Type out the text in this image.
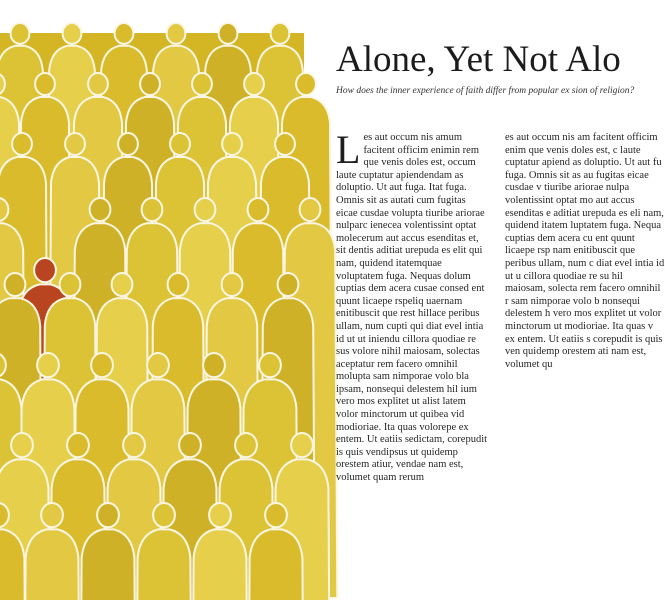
Alone, Yet Not Alo

How does the inner experience of faith differ from popular ex sion of religion?

Les aut occum nis amum facitent officim enimin rem que venis doles est, occum laute cuptatur apiendendam as doluptio. Ut aut fuga. Itat fuga. Omnis sit as autati cum fugitas eicae cusdae volupta tiuribe ariorae nulparc ienecea volentissint optat molecerum aut accus esenditas et, sit dentis aditiat urepuda es elit qui nam, quidend itatemquae voluptatem fuga. Nequas dolum cuptias dem acera cusae consed ent quunt licaepe rspeliq uaernam enitibuscit que rest hillace peribus ullam, num cupti qui diat evel intia id ut ut iniendu cillora quodiae re sus volore nihil maiosam, solectas aceptatur rem facero omnihil molupta sam nimporae volo bla ipsam, nonsequi delestem hil ium vero mos explitet ut alist latem volor minctorum ut quibea vid modioriae. Ita quas volorepe ex entem. Ut eatiis sedictam, corepudit is quis vendipsus ut quidemp orestem atiur, vendae nam est, volumet quam rerum
es aut occum nis am facitent officim enim que venis doles est, c laute cuptatur apiend as doluptio. Ut aut fu fuga. Omnis sit as au fugitas eicae cusdae v tiuribe ariorae nulpa volentissint optat mo aut accus esenditas e aditiat urepuda es eli nam, quidend itatem luptatem fuga. Nequa cuptias dem acera cu ent quunt licaepe rsp nam enitibuscit que peribus ullam, num c diat evel intia id ut u cillora quodiae re su hil maiosam, solecta rem facero omnihil r sam nimporae volo b nonsequi delestem h vero mos explitet ut volor minctorum ut modioriae. Ita quas v ex entem. Ut eatiis s corepudit is quis ven quidemp orestem ati nam est, volumet qu
